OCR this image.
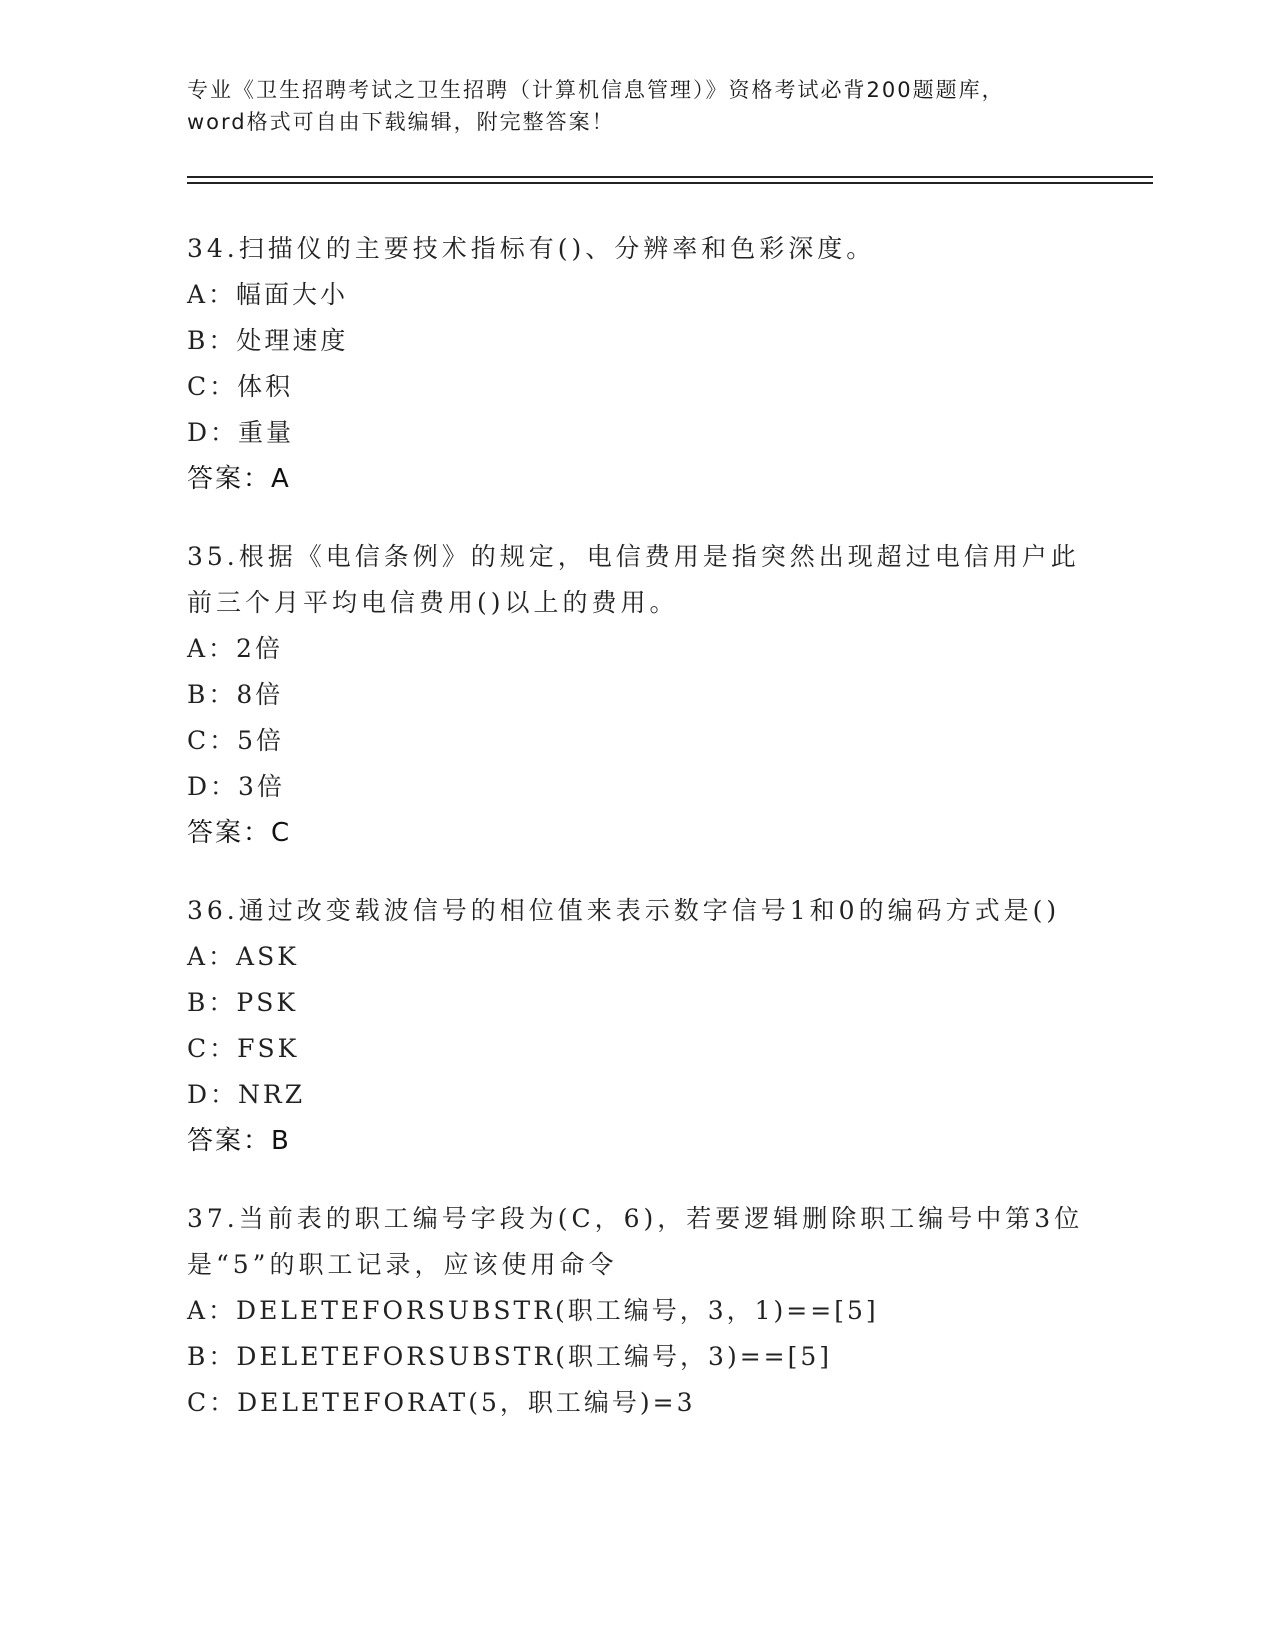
专业《卫生招聘考试之卫生招聘（计算机信息管理）》资格考试必背200题题库，
word格式可自由下载编辑，附完整答案！
34.扫描仪的主要技术指标有()、分辨率和色彩深度。
A：幅面大小
B：处理速度
C：体积
D：重量
答案：A
35.根据《电信条例》的规定，电信费用是指突然出现超过电信用户此
前三个月平均电信费用()以上的费用。
A：2倍
B：8倍
C：5倍
D：3倍
答案：C
36.通过改变载波信号的相位值来表示数字信号1和0的编码方式是()
A：ASK
B：PSK
C：FSK
D：NRZ
答案：B
37.当前表的职工编号字段为(C，6)，若要逻辑删除职工编号中第3位
是“5”的职工记录，应该使用命令
A：DELETEFORSUBSTR(职工编号，3，1)==[5]
B：DELETEFORSUBSTR(职工编号，3)==[5]
C：DELETEFORAT(5，职工编号)=3
